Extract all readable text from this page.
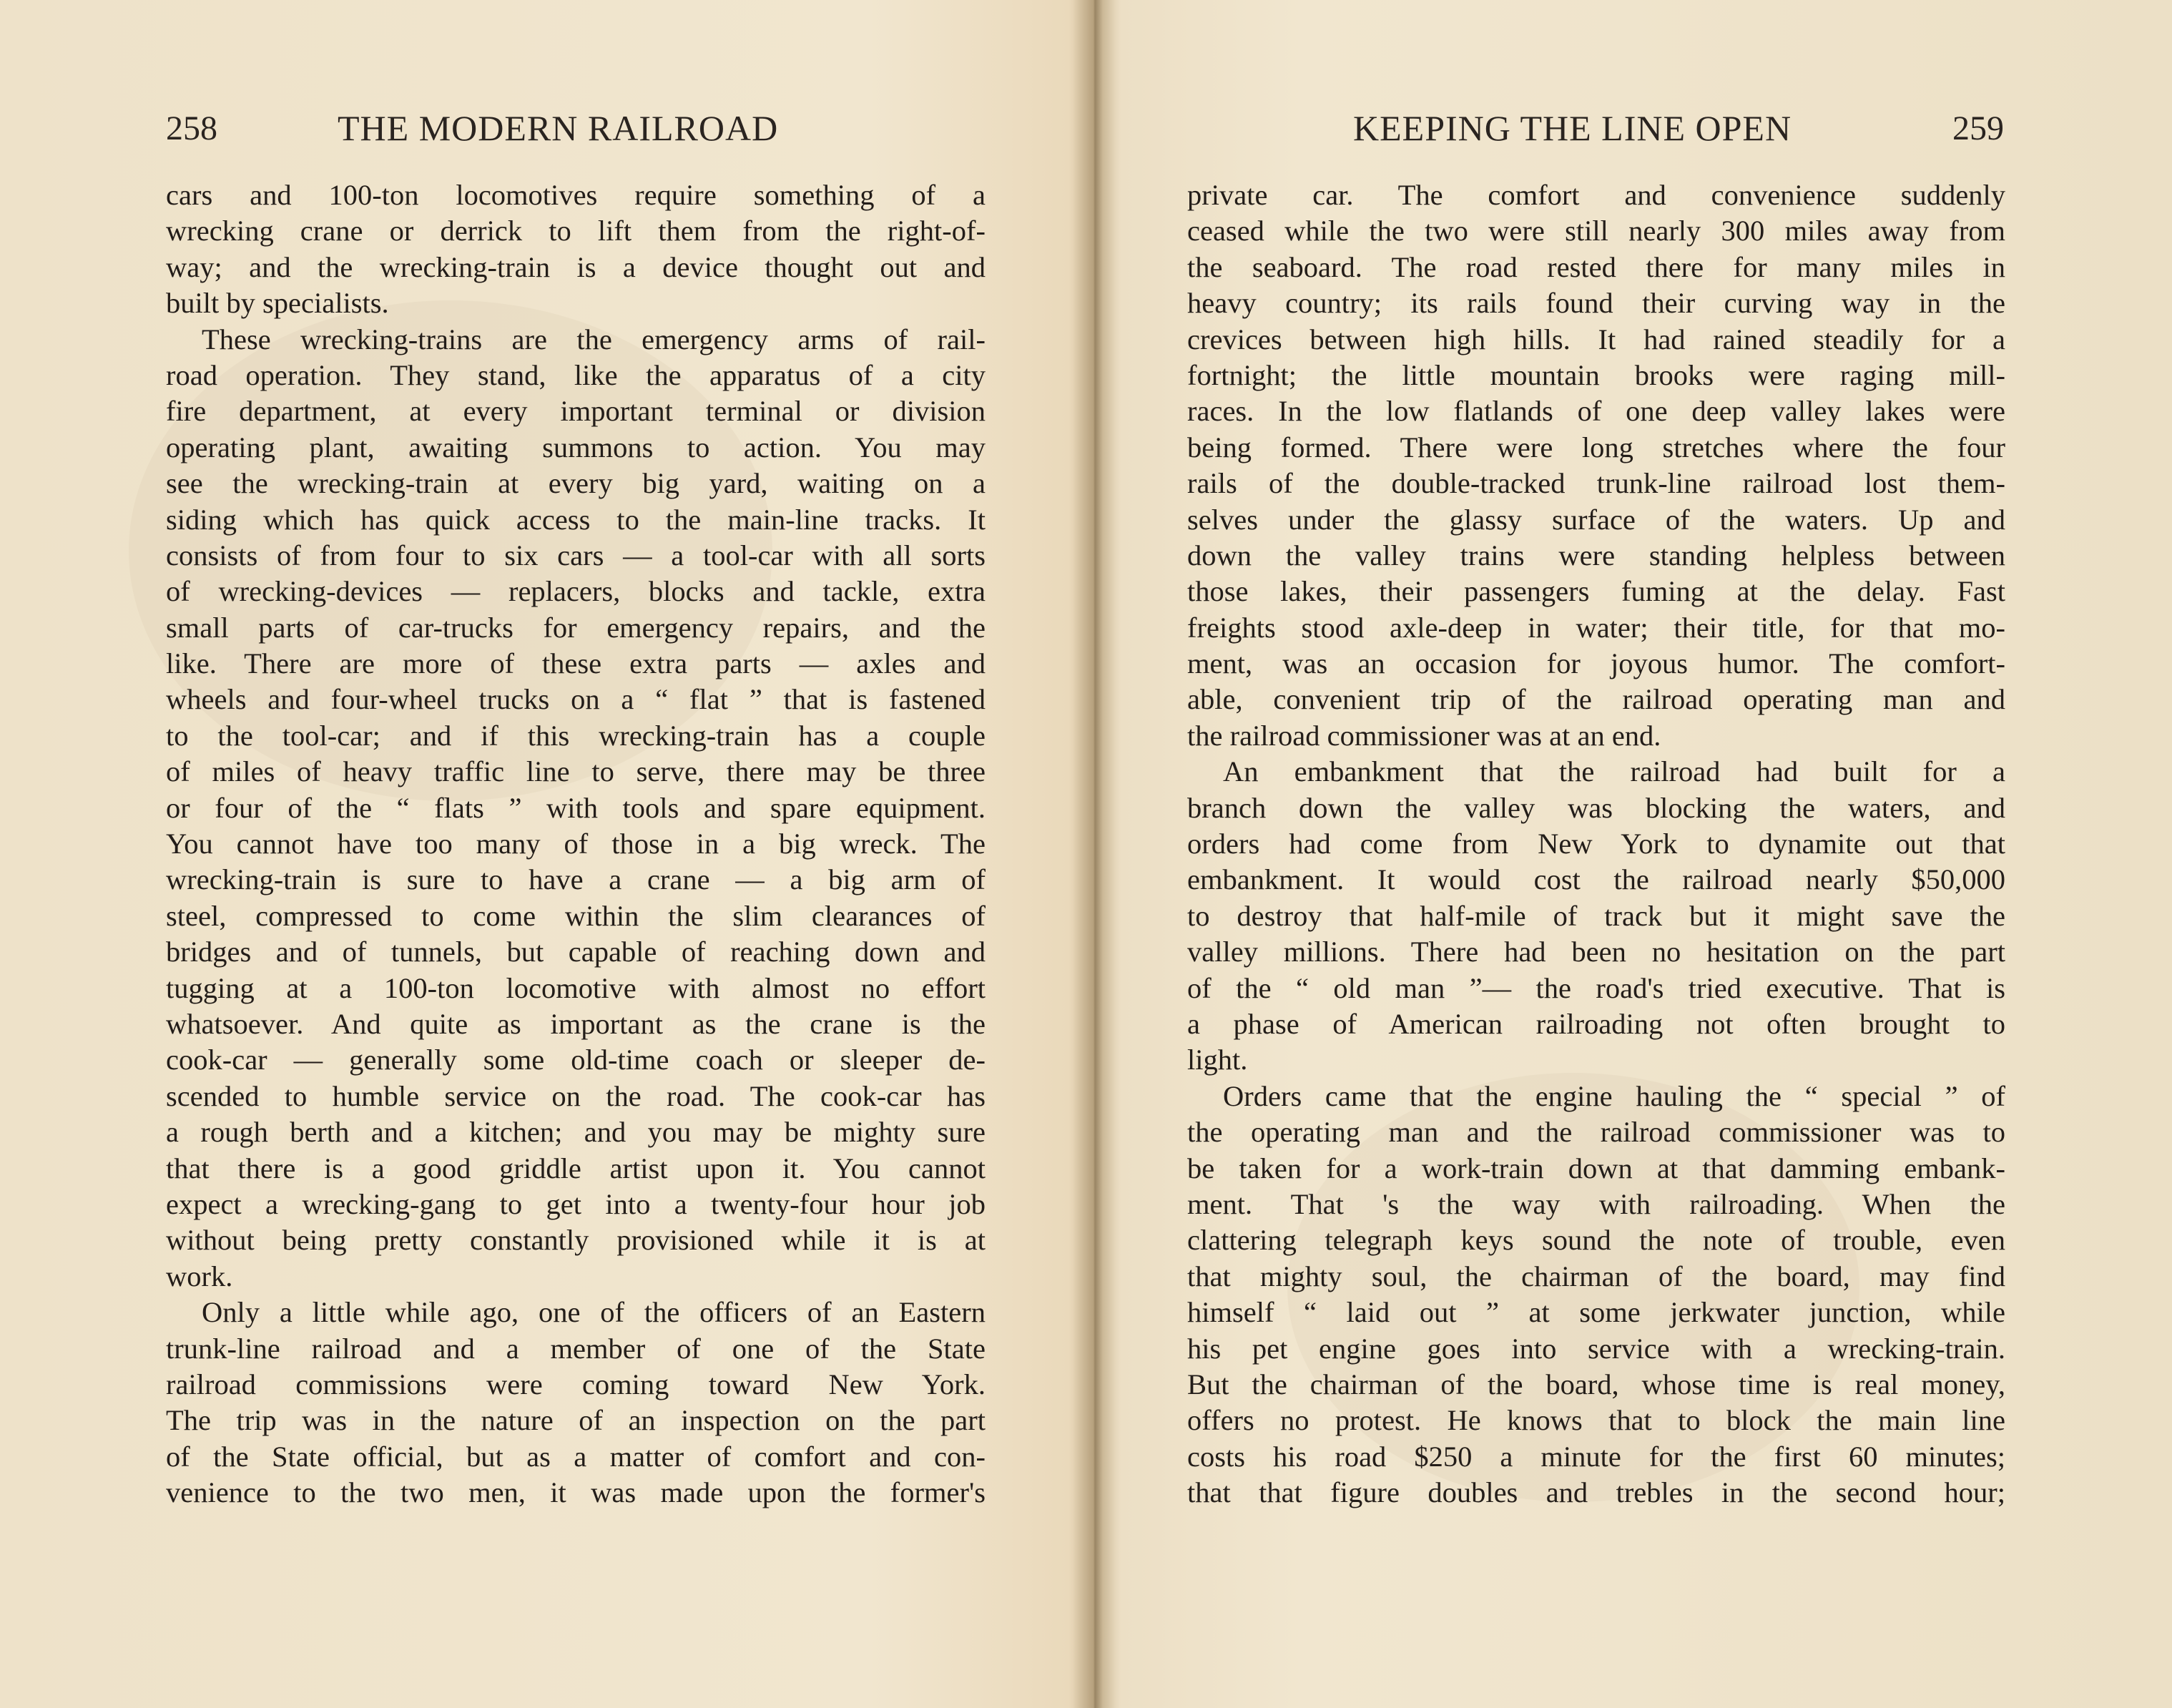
258	THE MODERN RAILROAD
cars and 100-ton locomotives require something of a
wrecking crane or derrick to lift them from the right-of-
way; and the wrecking-train is a device thought out and
built by specialists.
These wrecking-trains are the emergency arms of rail-
road operation. They stand, like the apparatus of a city
fire department, at every important terminal or division
operating plant, awaiting summons to action. You may
see the wrecking-train at every big yard, waiting on a
siding which has quick access to the main-line tracks. It
consists of from four to six cars — a tool-car with all sorts
of wrecking-devices — replacers, blocks and tackle, extra
small parts of car-trucks for emergency repairs, and the
like. There are more of these extra parts — axles and
wheels and four-wheel trucks on a “ flat ” that is fastened
to the tool-car; and if this wrecking-train has a couple
of miles of heavy traffic line to serve, there may be three
or four of the “ flats ” with tools and spare equipment.
You cannot have too many of those in a big wreck. The
wrecking-train is sure to have a crane — a big arm of
steel, compressed to come within the slim clearances of
bridges and of tunnels, but capable of reaching down and
tugging at a 100-ton locomotive with almost no effort
whatsoever. And quite as important as the crane is the
cook-car — generally some old-time coach or sleeper de-
scended to humble service on the road. The cook-car has
a rough berth and a kitchen; and you may be mighty sure
that there is a good griddle artist upon it. You cannot
expect a wrecking-gang to get into a twenty-four hour job
without being pretty constantly provisioned while it is at
work.
Only a little while ago, one of the officers of an Eastern
trunk-line railroad and a member of one of the State
railroad commissions were coming toward New York.
The trip was in the nature of an inspection on the part
of the State official, but as a matter of comfort and con-
venience to the two men, it was made upon the former's
KEEPING THE LINE OPEN	259
private car. The comfort and convenience suddenly
ceased while the two were still nearly 300 miles away from
the seaboard. The road rested there for many miles in
heavy country; its rails found their curving way in the
crevices between high hills. It had rained steadily for a
fortnight; the little mountain brooks were raging mill-
races. In the low flatlands of one deep valley lakes were
being formed. There were long stretches where the four
rails of the double-tracked trunk-line railroad lost them-
selves under the glassy surface of the waters. Up and
down the valley trains were standing helpless between
those lakes, their passengers fuming at the delay. Fast
freights stood axle-deep in water; their title, for that mo-
ment, was an occasion for joyous humor. The comfort-
able, convenient trip of the railroad operating man and
the railroad commissioner was at an end.
An embankment that the railroad had built for a
branch down the valley was blocking the waters, and
orders had come from New York to dynamite out that
embankment. It would cost the railroad nearly $50,000
to destroy that half-mile of track but it might save the
valley millions. There had been no hesitation on the part
of the “ old man ”— the road's tried executive. That is
a phase of American railroading not often brought to
light.
Orders came that the engine hauling the “ special ” of
the operating man and the railroad commissioner was to
be taken for a work-train down at that damming embank-
ment. That 's the way with railroading. When the
clattering telegraph keys sound the note of trouble, even
that mighty soul, the chairman of the board, may find
himself “ laid out ” at some jerkwater junction, while
his pet engine goes into service with a wrecking-train.
But the chairman of the board, whose time is real money,
offers no protest. He knows that to block the main line
costs his road $250 a minute for the first 60 minutes;
that that figure doubles and trebles in the second hour;
